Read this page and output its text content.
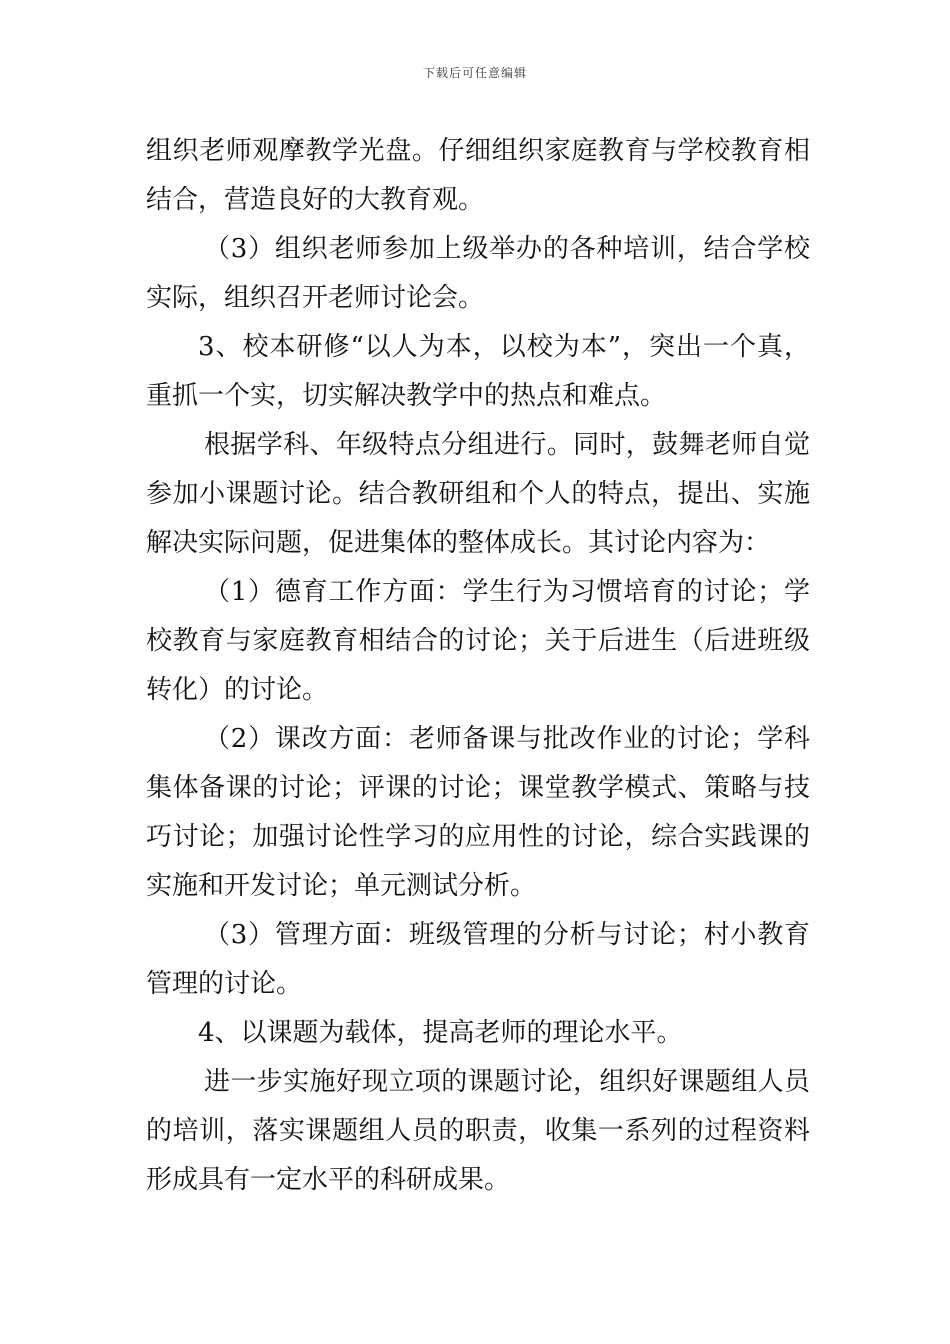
下载后可任意编辑

组织老师观摩教学光盘。仔细组织家庭教育与学校教育相结合，营造良好的大教育观。

（3）组织老师参加上级举办的各种培训，结合学校实际，组织召开老师讨论会。

3、校本研修“以人为本，以校为本”，突出一个真，重抓一个实，切实解决教学中的热点和难点。

根据学科、年级特点分组进行。同时，鼓舞老师自觉参加小课题讨论。结合教研组和个人的特点，提出、实施解决实际问题，促进集体的整体成长。其讨论内容为：

（1）德育工作方面：学生行为习惯培育的讨论；学校教育与家庭教育相结合的讨论；关于后进生（后进班级转化）的讨论。

（2）课改方面：老师备课与批改作业的讨论；学科集体备课的讨论；评课的讨论；课堂教学模式、策略与技巧讨论；加强讨论性学习的应用性的讨论，综合实践课的实施和开发讨论；单元测试分析。

（3）管理方面：班级管理的分析与讨论；村小教育管理的讨论。

4、以课题为载体，提高老师的理论水平。

进一步实施好现立项的课题讨论，组织好课题组人员的培训，落实课题组人员的职责，收集一系列的过程资料形成具有一定水平的科研成果。
